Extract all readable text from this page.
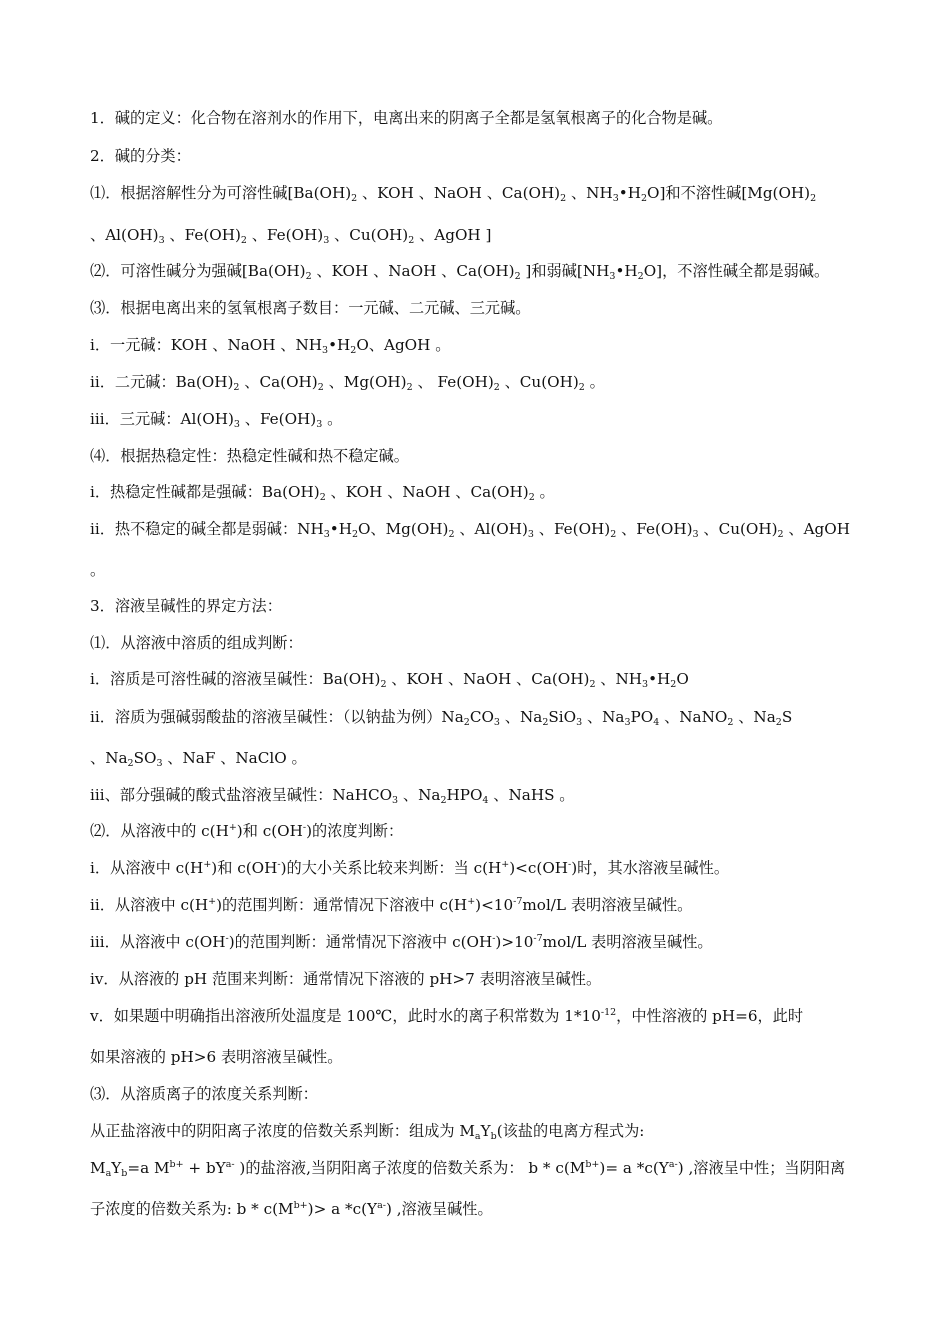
1．碱的定义：化合物在溶剂水的作用下，电离出来的阴离子全都是氢氧根离子的化合物是碱。
2．碱的分类：
⑴．根据溶解性分为可溶性碱[$Ba(OH)_2$ 、KOH 、NaOH 、$Ca(OH)_2$ 、$NH_3•H_2O$]和不溶性碱[$Mg(OH)_2$
、$Al(OH)_3$ 、$Fe(OH)_2$ 、$Fe(OH)_3$ 、$Cu(OH)_2$ 、AgOH ]
⑵．可溶性碱分为强碱[$Ba(OH)_2$ 、KOH 、NaOH 、$Ca(OH)_2$ ]和弱碱$[NH_3•H_2O]$，不溶性碱全都是弱碱。
⑶．根据电离出来的氢氧根离子数目：一元碱、二元碱、三元碱。
ⅰ．一元碱：KOH 、NaOH 、$NH_3•H_2O$、AgOH 。
ⅱ．二元碱：$Ba(OH)_2$ 、$Ca(OH)_2$ 、$Mg(OH)_2$ 、 $Fe(OH)_2$ 、$Cu(OH)_2$ 。
ⅲ．三元碱：$Al(OH)_3$ 、$Fe(OH)_3$ 。
⑷．根据热稳定性：热稳定性碱和热不稳定碱。
ⅰ．热稳定性碱都是强碱：$Ba(OH)_2$ 、KOH 、NaOH 、$Ca(OH)_2$ 。
ⅱ．热不稳定的碱全都是弱碱：$NH_3•H_2O$、$Mg(OH)_2$ 、$Al(OH)_3$ 、$Fe(OH)_2$ 、$Fe(OH)_3$ 、$Cu(OH)_2$ 、AgOH
。
3．溶液呈碱性的界定方法：
⑴．从溶液中溶质的组成判断：
ⅰ．溶质是可溶性碱的溶液呈碱性：$Ba(OH)_2$ 、KOH 、NaOH 、$Ca(OH)_2$ 、$NH_3•H_2O$
ⅱ．溶质为强碱弱酸盐的溶液呈碱性：（以钠盐为例）$Na_2CO_3$ 、$Na_2SiO_3$ 、$Na_3PO_4$ 、NaNO$_2$ 、$Na_2S$
、$Na_2SO_3$ 、NaF 、NaClO 。
ⅲ、部分强碱的酸式盐溶液呈碱性：NaHCO$_3$ 、$Na_2HPO_4$ 、NaHS 。
⑵．从溶液中的 c(H+)和 c(OH-)的浓度判断：
ⅰ．从溶液中 c(H+)和 c(OH-)的大小关系比较来判断：当 c(H+)<c(OH-)时，其水溶液呈碱性。
ⅱ．从溶液中 c(H+)的范围判断：通常情况下溶液中 $c(H^+)<10^{-7}mol/L$ 表明溶液呈碱性。
ⅲ．从溶液中 c(OH-)的范围判断：通常情况下溶液中 $c(OH^-)>10^{-7}mol/L$ 表明溶液呈碱性。
ⅳ．从溶液的 pH 范围来判断：通常情况下溶液的 pH>7 表明溶液呈碱性。
ⅴ．如果题中明确指出溶液所处温度是 100℃，此时水的离子积常数为 $1*10^{-12}$，中性溶液的 pH=6，此时
如果溶液的 pH>6 表明溶液呈碱性。
⑶．从溶质离子的浓度关系判断：
从正盐溶液中的阴阳离子浓度的倍数关系判断：组成为 $M_aY_b$(该盐的电离方程式为:
$M_aY_b=a$ $M^{b+} + bY^{a-}$ )的盐溶液,当阴阳离子浓度的倍数关系为： $b * c(M^{b+})= a$ $*c(Y^{a-})$ ,溶液呈中性；当阴阳离
子浓度的倍数关系为: $b * c(M^{b+})> a$ $*c(Y^{a-})$ ,溶液呈碱性。
